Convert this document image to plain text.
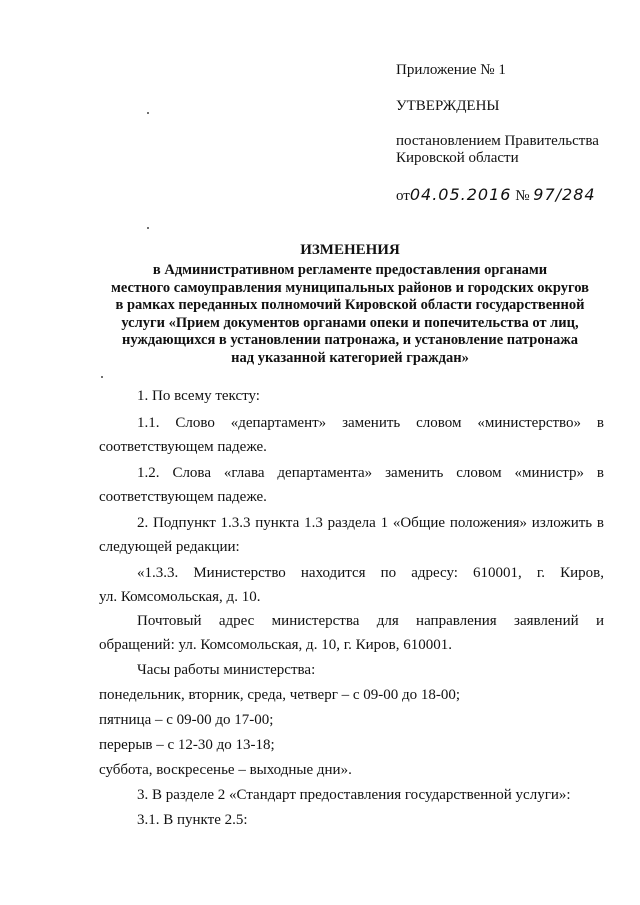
Приложение № 1
УТВЕРЖДЕНЫ
постановлением Правительства
Кировской области
от04.05.2016 № 97/284
ИЗМЕНЕНИЯ
в Административном регламенте предоставления органами
местного самоуправления муниципальных районов и городских округов
в рамках переданных полномочий Кировской области государственной
услуги «Прием документов органами опеки и попечительства от лиц,
нуждающихся в установлении патронажа, и установление патронажа
над указанной категорией граждан»
1. По всему тексту:
1.1. Слово «департамент» заменить словом «министерство» в
соответствующем падеже.
1.2. Слова «глава департамента» заменить словом «министр» в
соответствующем падеже.
2. Подпункт 1.3.3 пункта 1.3 раздела 1 «Общие положения» изложить в
следующей редакции:
«1.3.3. Министерство находится по адресу: 610001, г. Киров,
ул. Комсомольская, д. 10.
Почтовый адрес министерства для направления заявлений и
обращений: ул. Комсомольская, д. 10, г. Киров, 610001.
Часы работы министерства:
понедельник, вторник, среда, четверг – с 09-00 до 18-00;
пятница – с 09-00 до 17-00;
перерыв – с 12-30 до 13-18;
суббота, воскресенье – выходные дни».
3. В разделе 2 «Стандарт предоставления государственной услуги»:
3.1. В пункте 2.5:
